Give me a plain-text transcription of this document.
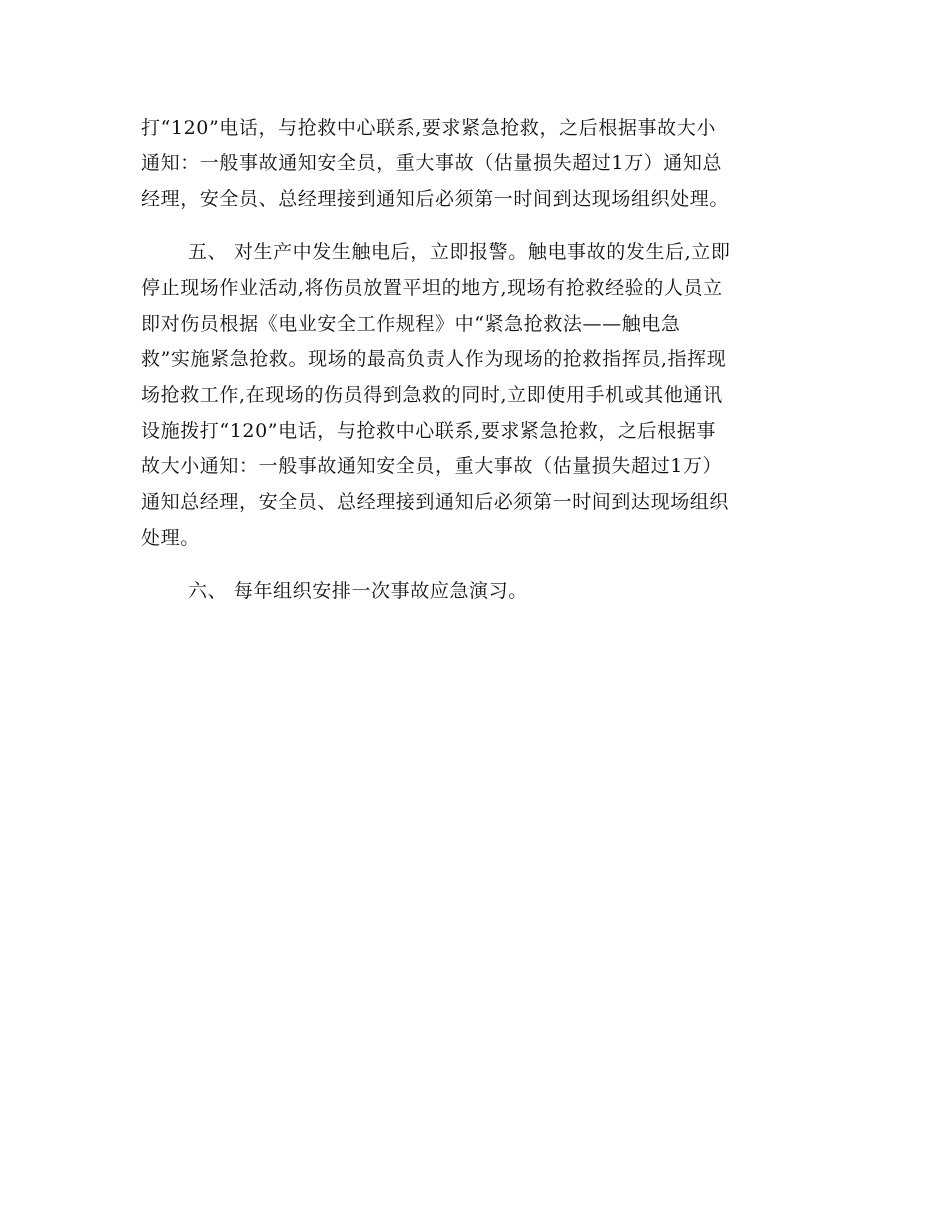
打“120”电话，与抢救中心联系,要求紧急抢救，之后根据事故大小
通知：一般事故通知安全员，重大事故（估量损失超过1万）通知总
经理，安全员、总经理接到通知后必须第一时间到达现场组织处理。
五、 对生产中发生触电后，立即报警。触电事故的发生后,立即
停止现场作业活动,将伤员放置平坦的地方,现场有抢救经验的人员立
即对伤员根据《电业安全工作规程》中“紧急抢救法——触电急
救”实施紧急抢救。现场的最高负责人作为现场的抢救指挥员,指挥现
场抢救工作,在现场的伤员得到急救的同时,立即使用手机或其他通讯
设施拨打“120”电话，与抢救中心联系,要求紧急抢救，之后根据事
故大小通知：一般事故通知安全员，重大事故（估量损失超过1万）
通知总经理，安全员、总经理接到通知后必须第一时间到达现场组织
处理。
六、 每年组织安排一次事故应急演习。
